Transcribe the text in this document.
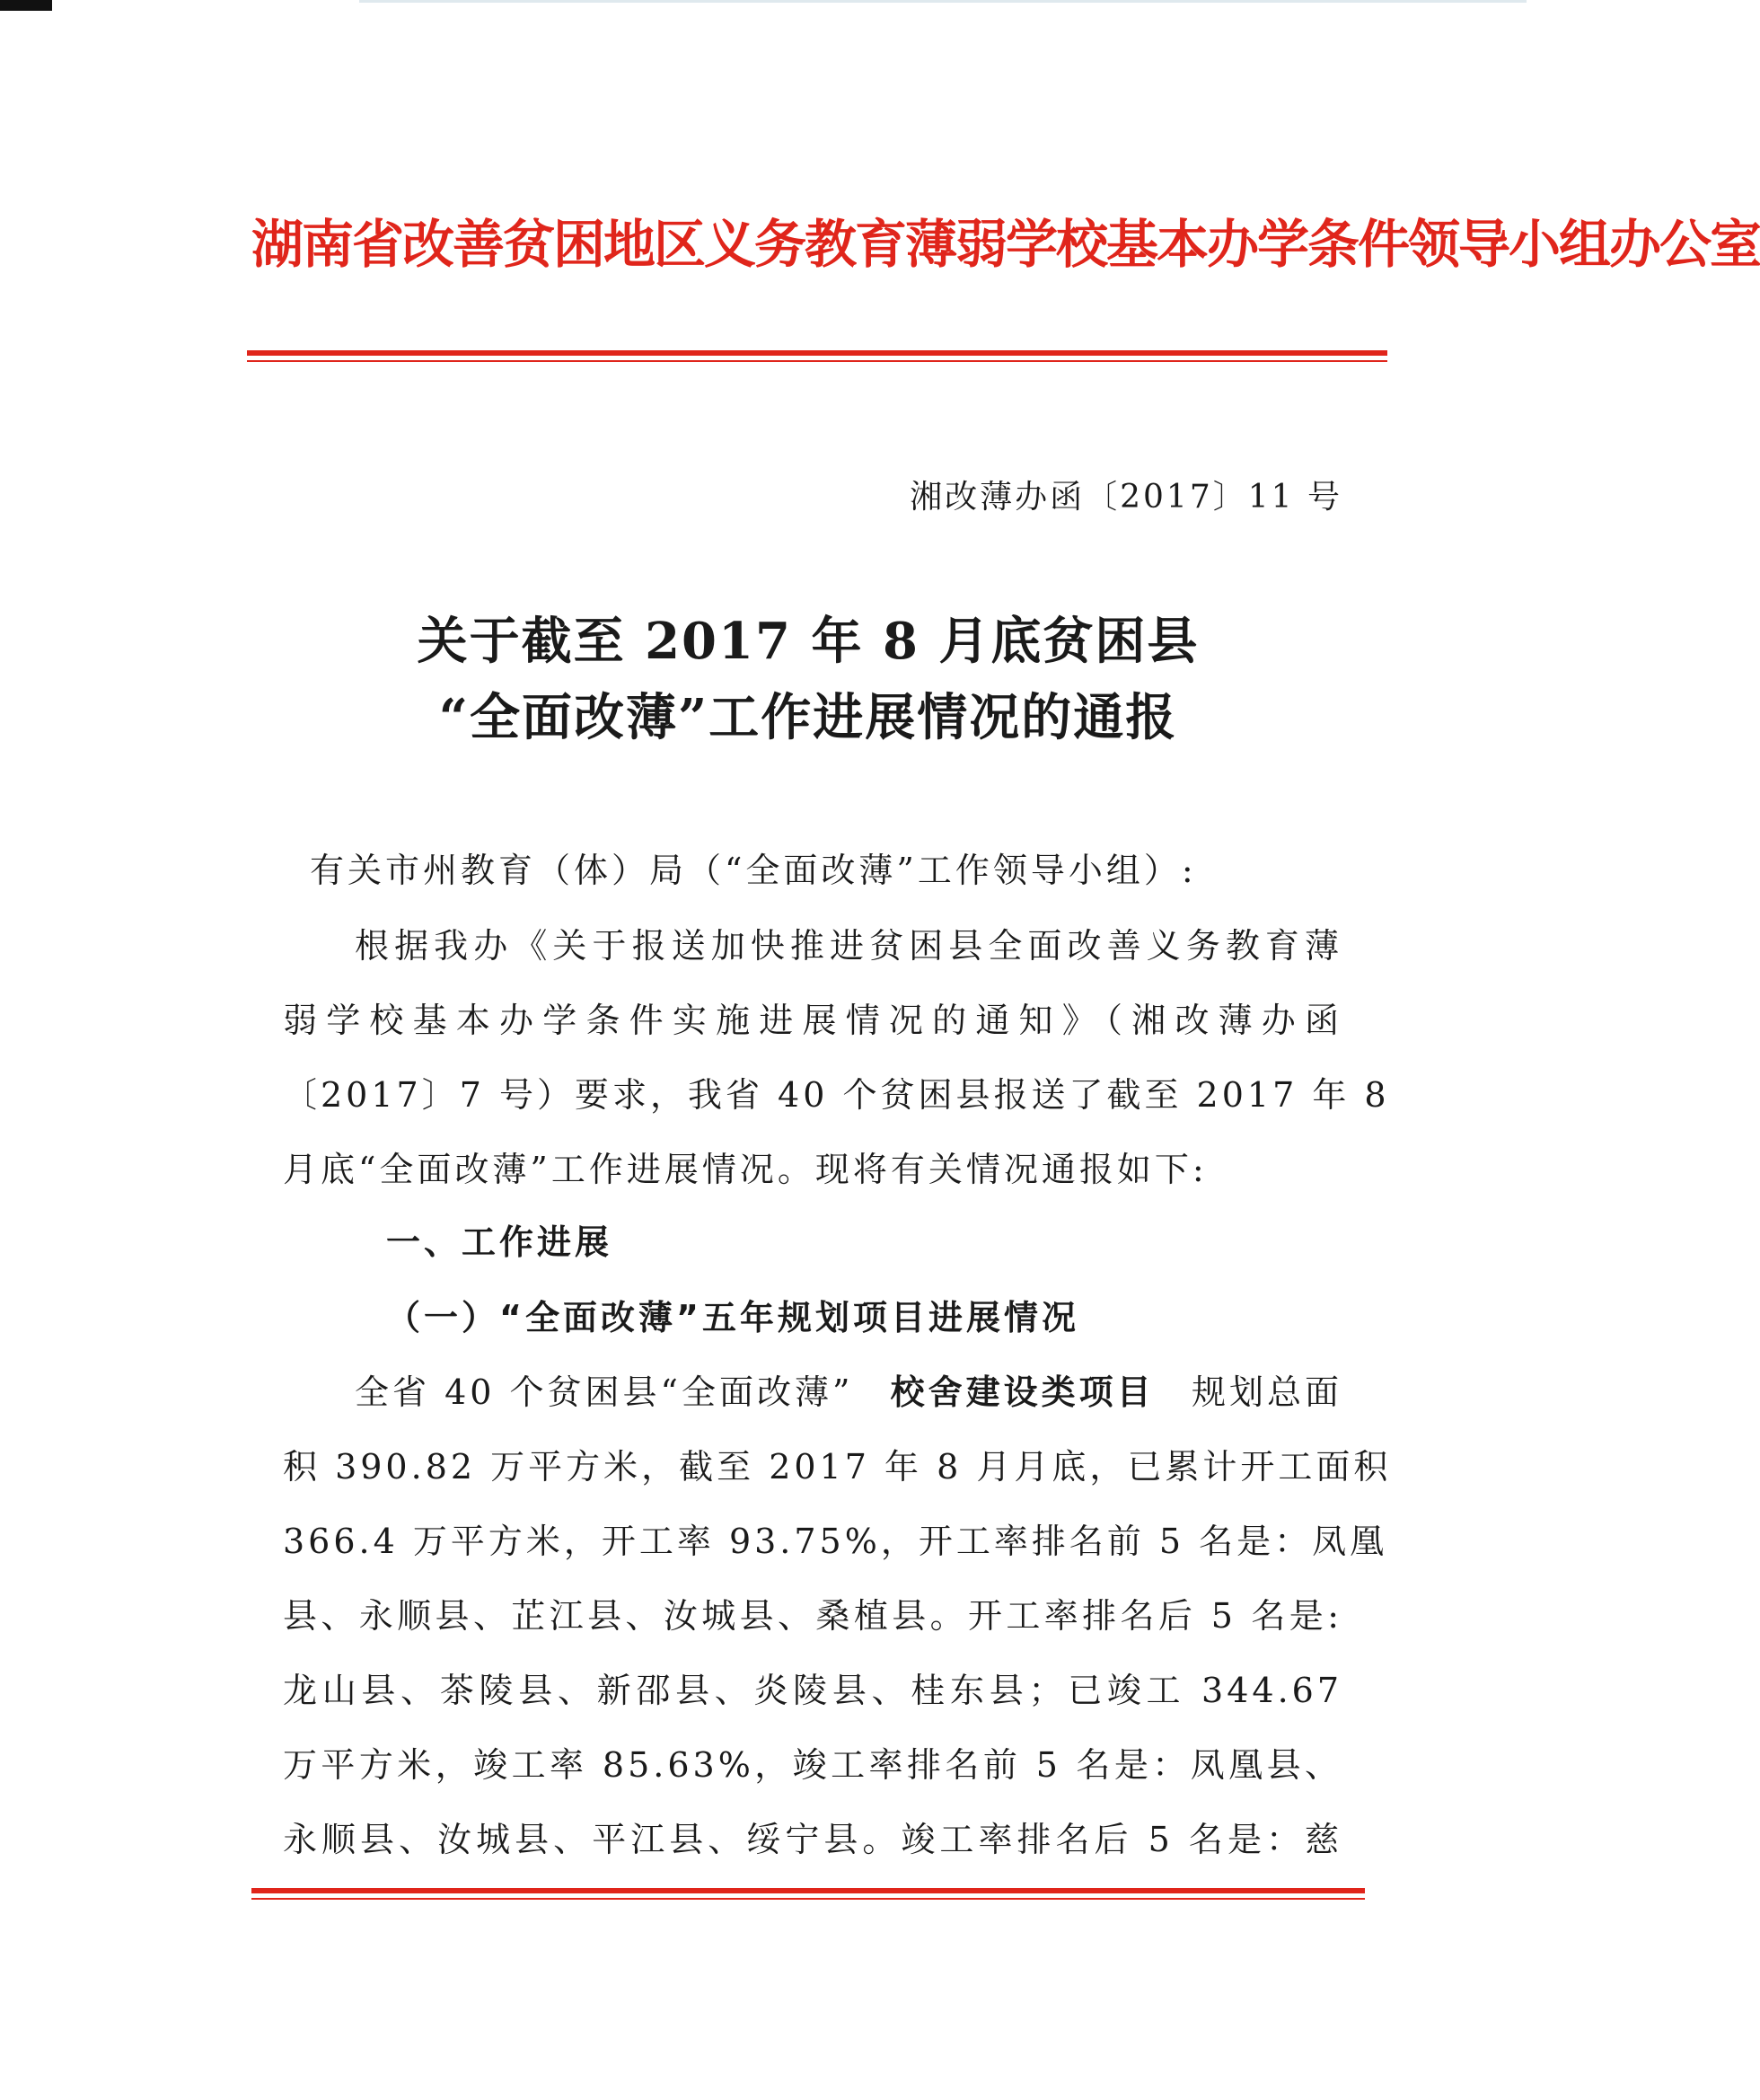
湖南省改善贫困地区义务教育薄弱学校基本办学条件领导小组办公室
湘改薄办函〔2017〕11 号
关于截至 2017 年 8 月底贫困县
“全面改薄”工作进展情况的通报
有关市州教育（体）局（“全面改薄”工作领导小组）:
根据我办《关于报送加快推进贫困县全面改善义务教育薄
弱学校基本办学条件实施进展情况的通知》（湘改薄办函
〔2017〕7 号）要求，我省 40 个贫困县报送了截至 2017 年 8
月底“全面改薄”工作进展情况。现将有关情况通报如下:
一、工作进展
（一）“全面改薄”五年规划项目进展情况
全省 40 个贫困县“全面改薄” 校舍建设类项目 规划总面
积 390.82 万平方米，截至 2017 年 8 月月底，已累计开工面积
366.4 万平方米，开工率 93.75%，开工率排名前 5 名是：凤凰
县、永顺县、芷江县、汝城县、桑植县。开工率排名后 5 名是:
龙山县、茶陵县、新邵县、炎陵县、桂东县；已竣工 344.67
万平方米，竣工率 85.63%，竣工率排名前 5 名是：凤凰县、
永顺县、汝城县、平江县、绥宁县。竣工率排名后 5 名是：慈
